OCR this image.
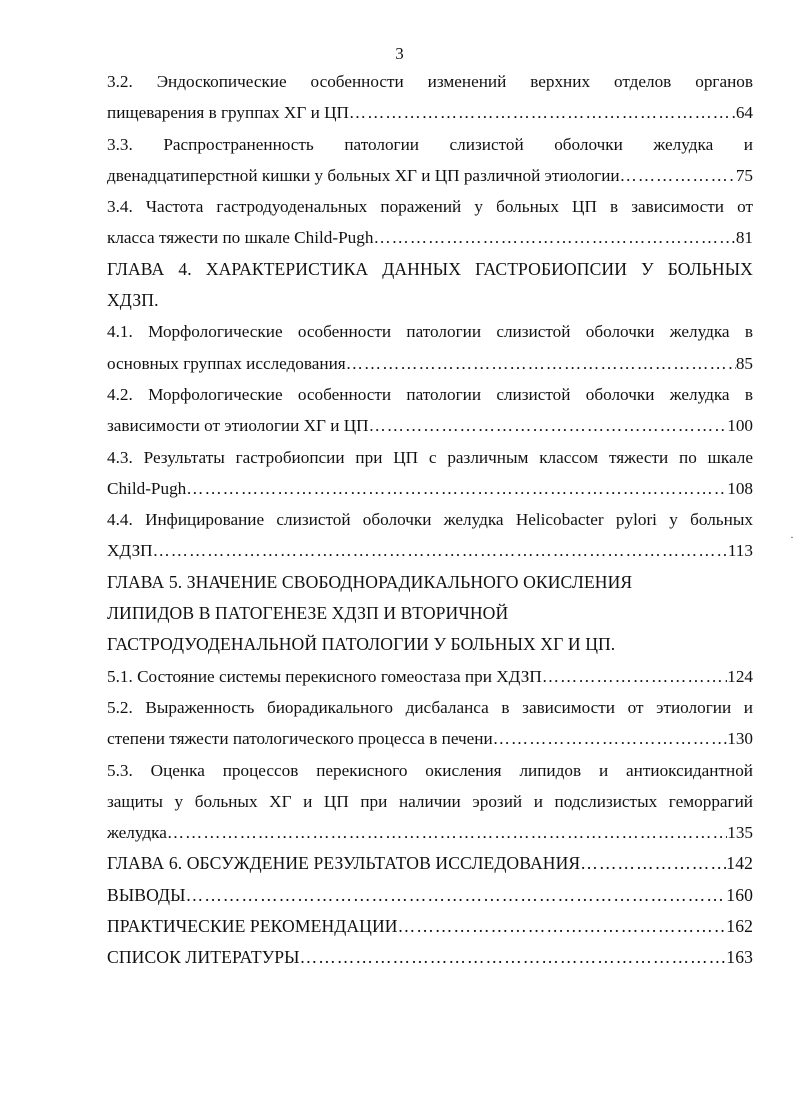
3
3.2. Эндоскопические особенности изменений верхних отделов органов
пищеварения в группах ХГ и ЦП ……………………………………………………………………………………………………………………………………………………………………	64
3.3. Распространенность патологии слизистой оболочки желудка и
двенадцатиперстной кишки у больных ХГ и ЦП различной этиологии ……………………………………………………………………………………………………………………………………………………………………	75
3.4. Частота гастродуоденальных поражений у больных ЦП в зависимости от
класса тяжести по шкале Child-Pugh ……………………………………………………………………………………………………………………………………………………………………	81
ГЛАВА 4. ХАРАКТЕРИСТИКА ДАННЫХ ГАСТРОБИОПСИИ У БОЛЬНЫХ
ХДЗП.
4.1. Морфологические особенности патологии слизистой оболочки желудка в
основных группах исследования ……………………………………………………………………………………………………………………………………………………………………	85
4.2. Морфологические особенности патологии слизистой оболочки желудка в
зависимости от этиологии ХГ и ЦП ……………………………………………………………………………………………………………………………………………………………………	100
4.3. Результаты гастробиопсии при ЦП с различным классом тяжести по шкале
Child-Pugh ……………………………………………………………………………………………………………………………………………………………………	108
4.4. Инфицирование слизистой оболочки желудка Helicobacter pylori у больных
ХДЗП ……………………………………………………………………………………………………………………………………………………………………	113
ГЛАВА 5. ЗНАЧЕНИЕ СВОБОДНОРАДИКАЛЬНОГО ОКИСЛЕНИЯ
ЛИПИДОВ В ПАТОГЕНЕЗЕ ХДЗП И ВТОРИЧНОЙ
ГАСТРОДУОДЕНАЛЬНОЙ ПАТОЛОГИИ У БОЛЬНЫХ ХГ И ЦП.
5.1. Состояние системы перекисного гомеостаза при ХДЗП ……………………………………………………………………………………………………………………………………………………………………	124
5.2. Выраженность биорадикального дисбаланса в зависимости от этиологии и
степени тяжести патологического процесса в печени ……………………………………………………………………………………………………………………………………………………………………	130
5.3. Оценка процессов перекисного окисления липидов и антиоксидантной
защиты у больных ХГ и ЦП при наличии эрозий и подслизистых геморрагий
желудка ……………………………………………………………………………………………………………………………………………………………………	135
ГЛАВА 6. ОБСУЖДЕНИЕ РЕЗУЛЬТАТОВ ИССЛЕДОВАНИЯ ……………………………………………………………………………………………………………………………………………………………………	142
ВЫВОДЫ ……………………………………………………………………………………………………………………………………………………………………	160
ПРАКТИЧЕСКИЕ РЕКОМЕНДАЦИИ ……………………………………………………………………………………………………………………………………………………………………	162
СПИСОК ЛИТЕРАТУРЫ ……………………………………………………………………………………………………………………………………………………………………	163
·
